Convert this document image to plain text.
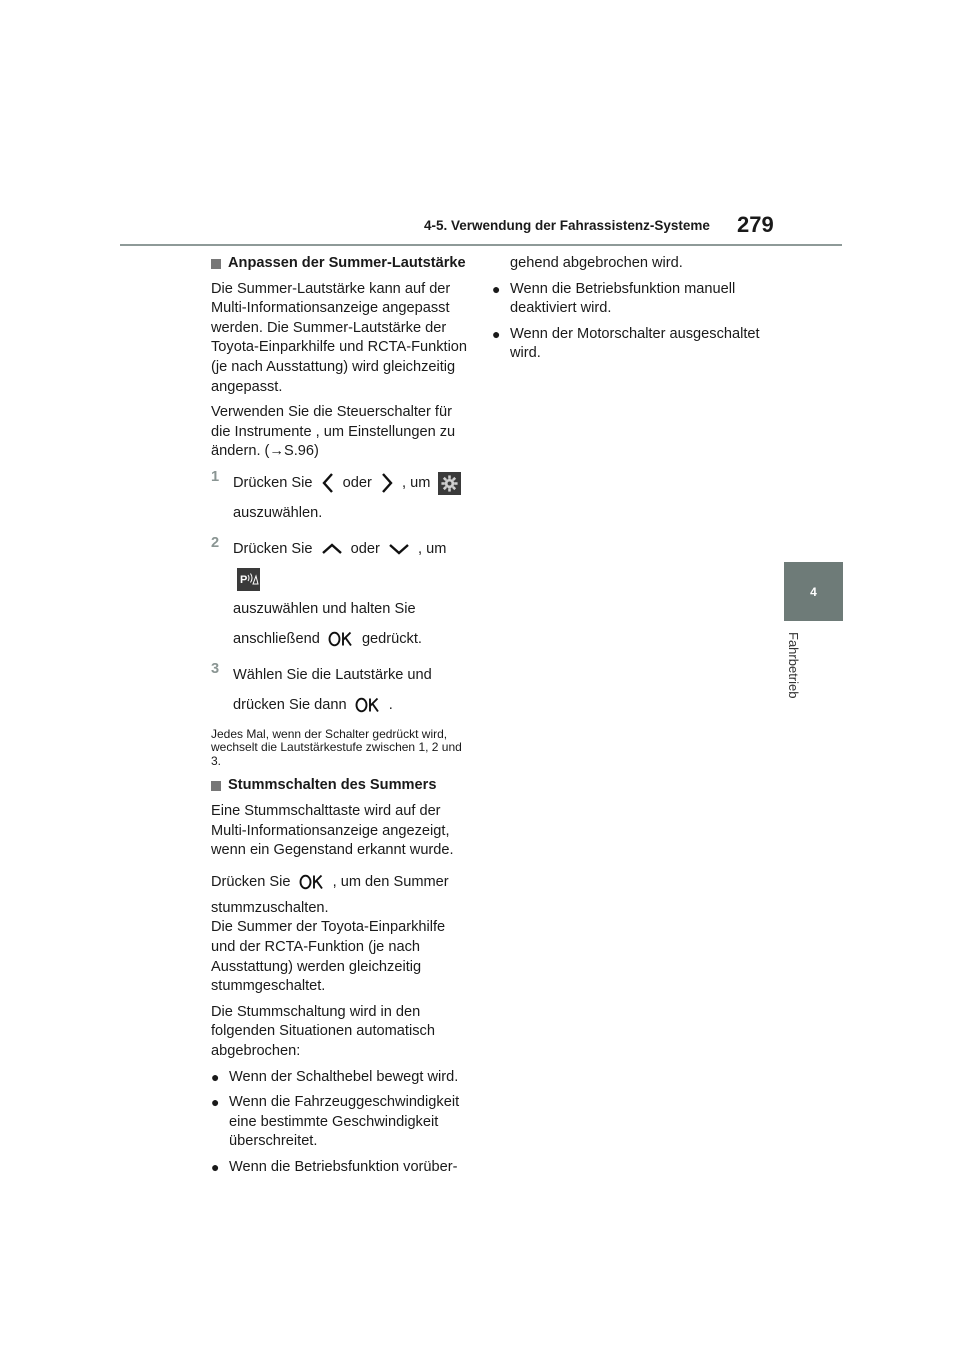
4-5. Verwendung der Fahrassistenz-Systeme 279
4
Fahrbetrieb
Anpassen der Summer-Lautstärke

Die Summer-Lautstärke kann auf der Multi-Informationsanzeige angepasst werden. Die Summer-Lautstärke der Toyota-Einparkhilfe und RCTA-Funktion (je nach Ausstattung) wird gleichzeitig angepasst.

Verwenden Sie die Steuerschalter für die Instrumente , um Einstellungen zu ändern. (→S.96)

1 Drücken Sie oder , um
auszuwählen.
2 Drücken Sie	oder	, um
P
auszuwählen und halten Sie
anschließend	gedrückt.
3 Wählen Sie die Lautstärke und
drücken Sie dann	.

Jedes Mal, wenn der Schalter gedrückt wird, wechselt die Lautstärkestufe zwischen 1, 2 und 3.

Stummschalten des Summers

Eine Stummschalttaste wird auf der Multi-Informationsanzeige angezeigt, wenn ein Gegenstand erkannt wurde.

Drücken Sie	, um den Summer

stummzuschalten.

Die Summer der Toyota-Einparkhilfe und der RCTA-Funktion (je nach Ausstattung) werden gleichzeitig stummgeschaltet.

Die Stummschaltung wird in den folgenden Situationen automatisch abgebrochen:

● Wenn der Schalthebel bewegt wird.
● Wenn die Fahrzeuggeschwindigkeit eine bestimmte Geschwindigkeit überschreitet.
● Wenn die Betriebsfunktion vorüber-

gehend abgebrochen wird.

● Wenn die Betriebsfunktion manuell deaktiviert wird.
● Wenn der Motorschalter ausgeschaltet wird.
